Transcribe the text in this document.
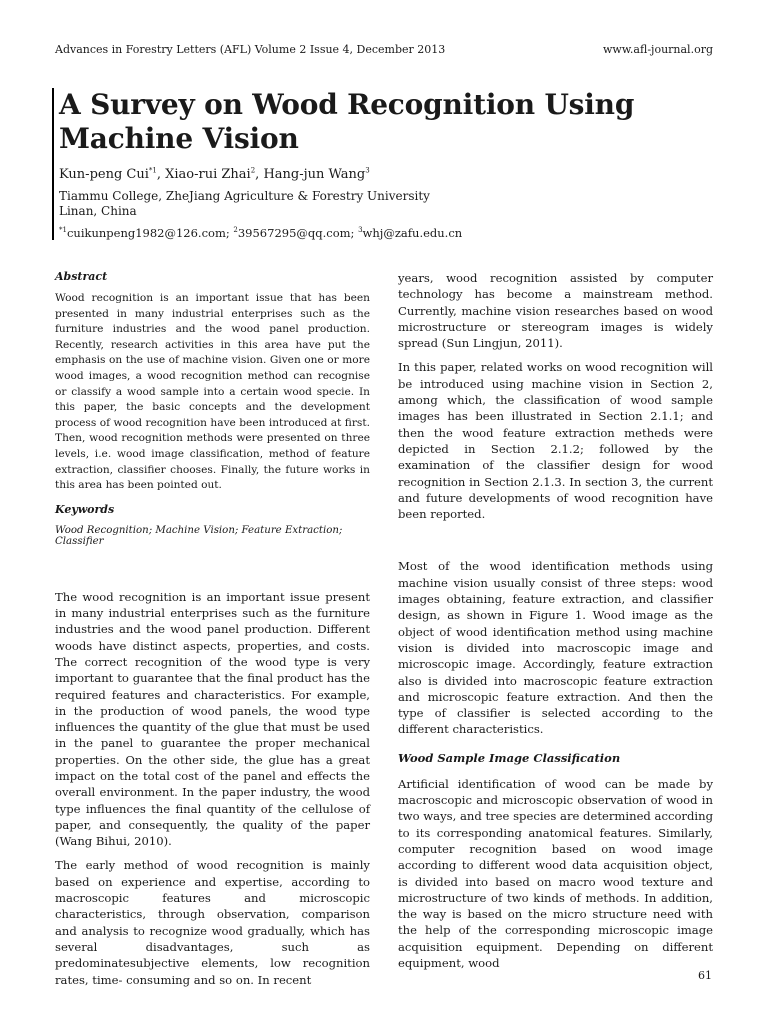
Advances in Forestry Letters (AFL) Volume 2 Issue 4, December 2013	www.afl-journal.org
A Survey on Wood Recognition Using Machine Vision
Kun-peng Cui$^{*1}$, Xiao-rui Zhai$^2$, Hang-jun Wang$^3$
Tiammu College, ZheJiang Agriculture & Forestry University
Linan, China
$^{*1}$cuikunpeng1982@126.com; $^2$39567295@qq.com; $^3$whj@zafu.edu.cn
Abstract

Wood recognition is an important issue that has been presented in many industrial enterprises such as the furniture industries and the wood panel production. Recently, research activities in this area have put the emphasis on the use of machine vision. Given one or more wood images, a wood recognition method can recognise or classify a wood sample into a certain wood specie. In this paper, the basic concepts and the development process of wood recognition have been introduced at first. Then, wood recognition methods were presented on three levels, i.e. wood image classification, method of feature extraction, classifier chooses. Finally, the future works in this area has been pointed out.

Keywords
Wood Recognition; Machine Vision; Feature Extraction; Classifier

The wood recognition is an important issue present in many industrial enterprises such as the furniture industries and the wood panel production. Different woods have distinct aspects, properties, and costs. The correct recognition of the wood type is very important to guarantee that the final product has the required features and characteristics. For example, in the production of wood panels, the wood type influences the quantity of the glue that must be used in the panel to guarantee the proper mechanical properties. On the other side, the glue has a great impact on the total cost of the panel and effects the overall environment. In the paper industry, the wood type influences the final quantity of the cellulose of paper, and consequently, the quality of the paper (Wang Bihui, 2010).

The early method of wood recognition is mainly based on experience and expertise, according to macroscopic features and microscopic characteristics, through observation, comparison and analysis to recognize wood gradually, which has several disadvantages, such as predominatesubjective elements, low recognition rates, time- consuming and so on. In recent

years, wood recognition assisted by computer technology has become a mainstream method. Currently, machine vision researches based on wood microstructure or stereogram images is widely spread (Sun Lingjun, 2011).

In this paper, related works on wood recognition will be introduced using machine vision in Section 2, among which, the classification of wood sample images has been illustrated in Section 2.1.1; and then the wood feature extraction metheds were depicted in Section 2.1.2; followed by the examination of the classifier design for wood recognition in Section 2.1.3. In section 3, the current and future developments of wood recognition have been reported.

Most of the wood identification methods using machine vision usually consist of three steps: wood images obtaining, feature extraction, and classifier design, as shown in Figure 1. Wood image as the object of wood identification method using machine vision is divided into macroscopic image and microscopic image. Accordingly, feature extraction also is divided into macroscopic feature extraction and microscopic feature extraction. And then the type of classifier is selected according to the different characteristics.

Wood Sample Image Classification

Artificial identification of wood can be made by macroscopic and microscopic observation of wood in two ways, and tree species are determined according to its corresponding anatomical features. Similarly, computer recognition based on wood image according to different wood data acquisition object, is divided into based on macro wood texture and microstructure of two kinds of methods. In addition, the way is based on the micro structure need with the help of the corresponding microscopic image acquisition equipment. Depending on different equipment, wood

61
